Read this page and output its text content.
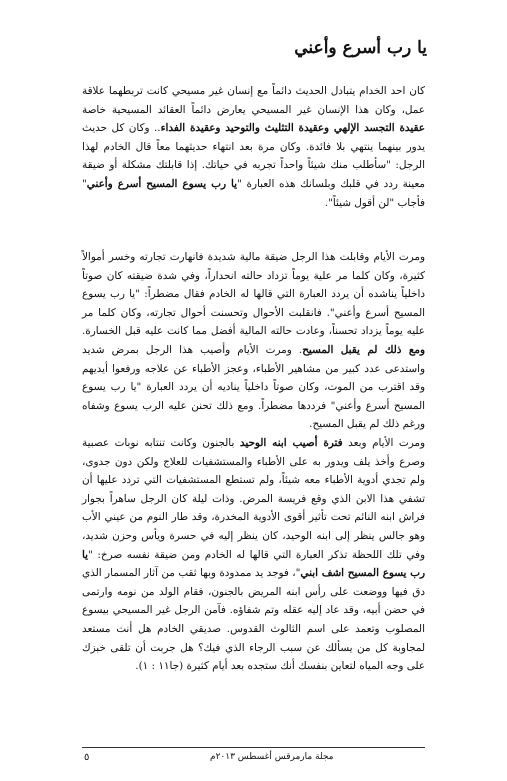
يا رب أسرع وأعني

كان احد الخدام يتبادل الحديث دائماً مع إنسان غير مسيحي كانت تربطهما علاقة عمل، وكان هذا الإنسان غير المسيحي يعارض دائماً العقائد المسيحية خاصة عقيدة التجسد الإلهي وعقيدة التثليث والتوحيد وعقيدة الفداء.. وكان كل حديث يدور بينهما ينتهي بلا فائدة. وكان مرة بعد انتهاء حديثهما معاً قال الخادم لهذا الرجل: "سأطلب منك شيئاً واحداً تجربه في حياتك. إذا قابلتك مشكلة أو ضيقة معينة ردد في قلبك وبلسانك هذه العبارة "يا رب يسوع المسيح أسرع وأعني" فأجاب "لن أقول شيئاً".

ومرت الأيام وقابلت هذا الرجل ضيقة مالية شديدة فانهارت تجارته وخسر أموالاً كثيرة، وكان كلما مر علية يوماً تزداد حالته انحداراً، وفي شدة ضيقته كان صوتاً داخلياً يناشده أن يردد العبارة التي قالها له الخادم فقال مضطراً: "يا رب يسوع المسيح أسرع وأعني". فانقلبت الأحوال وتحسنت أحوال تجارته، وكان كلما مر عليه يوماً يزداد تحسناً، وعادت حالته المالية أفضل مما كانت عليه قبل الخسارة. ومع ذلك لم يقبل المسيح. ومرت الأيام وأصيب هذا الرجل بمرض شديد واستدعى عدد كبير من مشاهير الأطباء، وعجز الأطباء عن علاجه ورفعوا أيديهم وقد اقترب من الموت، وكان صوتاً داخلياً يناديه أن يردد العبارة "يا رب يسوع المسيح أسرع وأعني" فرددها مضطراً. ومع ذلك تحنن عليه الرب يسوع وشفاه ورغم ذلك لم يقبل المسيح.

ومرت الأيام وبعد فترة أصيب ابنه الوحيد بالجنون وكانت تنتابه نوبات عصبية وصرع وأخذ يلف ويدور به على الأطباء والمستشفيات للعلاج ولكن دون جدوى، ولم تجدي أدوية الأطباء معه شيئاً، ولم تستطع المستشفيات التي تردد عليها أن تشفي هذا الابن الذي وقع فريسة المرض. وذات ليلة كان الرجل ساهراً بجوار فراش ابنه النائم تحت تأثير أقوى الأدوية المخدرة، وقد طار النوم من عيني الأب وهو جالس ينظر إلى ابنه الوحيد، كان ينظر إليه في حسرة ويأس وحزن شديد، وفي تلك اللحظة تذكر العبارة التي قالها له الخادم ومن ضيقة نفسه صرخ: "يا رب يسوع المسيح اشف ابني"، فوجد يد ممدودة وبها ثقب من آثار المسمار الذي دق فيها ووضعت على رأس ابنه المريض بالجنون، فقام الولد من نومه وارتمى في حضن أبيه، وقد عاد إليه عقله وتم شفاؤه. فآمن الرجل غير المسيحي بيسوع المصلوب وتعمد على اسم الثالوث القدوس. صديقي الخادم هل أنت مستعد لمجاوبة كل من يسألك عن سبب الرجاء الذي فيك؟ هل جربت أن تلقى خبزك على وجه المياه لتعاين بنفسك أنك ستجده بعد أيام كثيرة (جا١١ : ١).

مجلة مارمرقس أغسطس ٢٠١٣م
٥
